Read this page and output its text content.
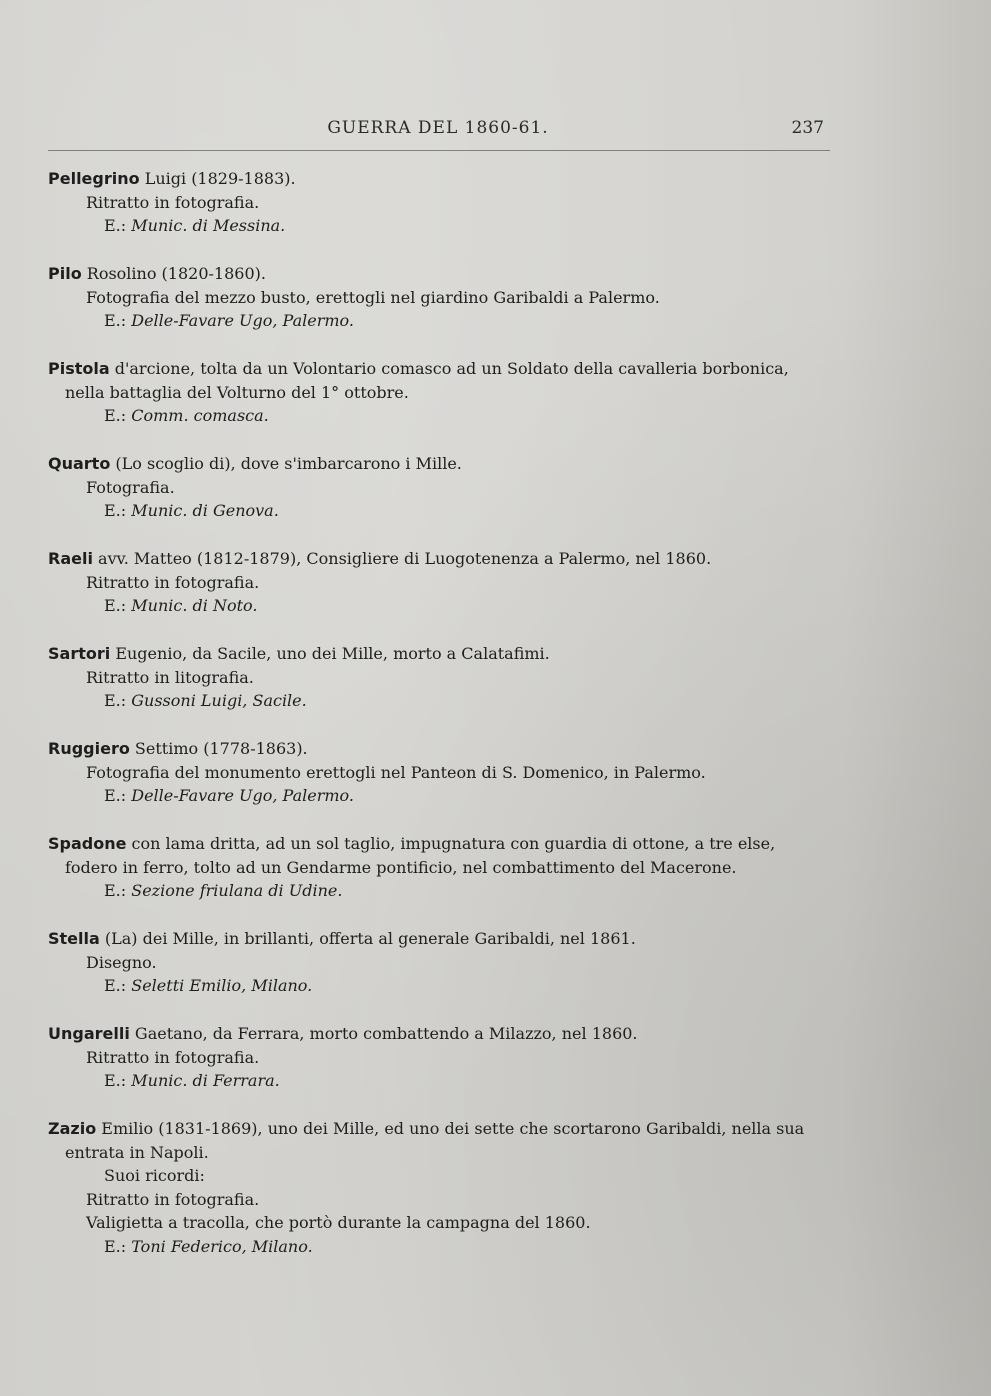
GUERRA DEL 1860-61.	237

Pellegrino Luigi (1829-1883).

Ritratto in fotografia.

E.: Munic. di Messina.

Pilo Rosolino (1820-1860).

Fotografia del mezzo busto, erettogli nel giardino Garibaldi a Palermo.

E.: Delle-Favare Ugo, Palermo.

Pistola d'arcione, tolta da un Volontario comasco ad un Soldato della cavalleria borbonica,

nella battaglia del Volturno del 1° ottobre.

E.: Comm. comasca.

Quarto (Lo scoglio di), dove s'imbarcarono i Mille.

Fotografia.

E.: Munic. di Genova.

Raeli avv. Matteo (1812-1879), Consigliere di Luogotenenza a Palermo, nel 1860.

Ritratto in fotografia.

E.: Munic. di Noto.

Sartori Eugenio, da Sacile, uno dei Mille, morto a Calatafimi.

Ritratto in litografia.

E.: Gussoni Luigi, Sacile.

Ruggiero Settimo (1778-1863).

Fotografia del monumento erettogli nel Panteon di S. Domenico, in Palermo.

E.: Delle-Favare Ugo, Palermo.

Spadone con lama dritta, ad un sol taglio, impugnatura con guardia di ottone, a tre else,

fodero in ferro, tolto ad un Gendarme pontificio, nel combattimento del Macerone.

E.: Sezione friulana di Udine.

Stella (La) dei Mille, in brillanti, offerta al generale Garibaldi, nel 1861.

Disegno.

E.: Seletti Emilio, Milano.

Ungarelli Gaetano, da Ferrara, morto combattendo a Milazzo, nel 1860.

Ritratto in fotografia.

E.: Munic. di Ferrara.

Zazio Emilio (1831-1869), uno dei Mille, ed uno dei sette che scortarono Garibaldi, nella sua

entrata in Napoli.

Suoi ricordi:

Ritratto in fotografia.

Valigietta a tracolla, che portò durante la campagna del 1860.

E.: Toni Federico, Milano.
